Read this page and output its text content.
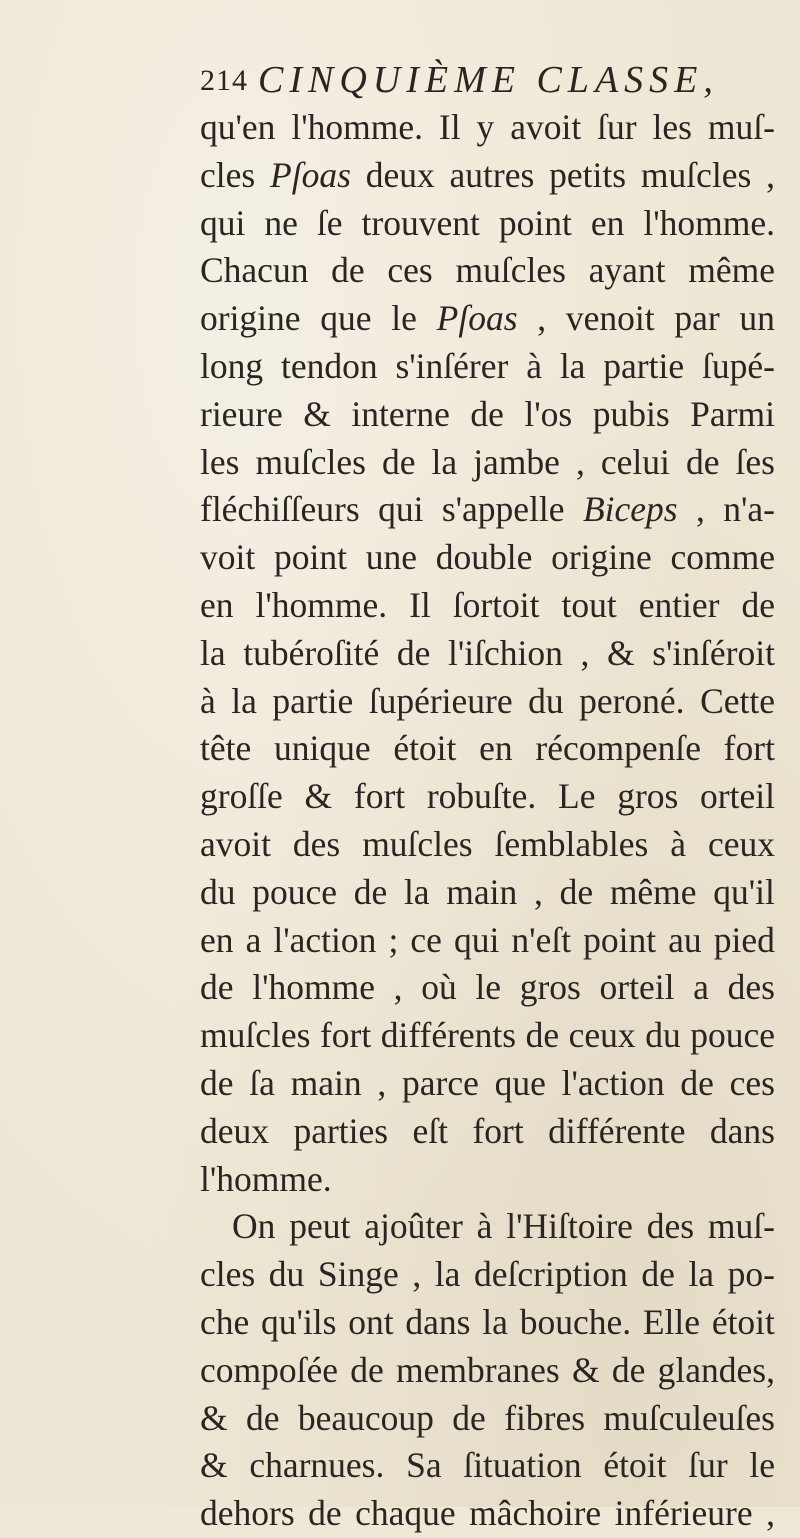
214 CINQUIÈME CLASSE,
qu'en l'homme. Il y avoit ſur les muſ-
cles Pſoas deux autres petits muſcles ,
qui ne ſe trouvent point en l'homme.
Chacun de ces muſcles ayant même
origine que le Pſoas , venoit par un
long tendon s'inſérer à la partie ſupé-
rieure & interne de l'os pubis Parmi
les muſcles de la jambe , celui de ſes
fléchiſſeurs qui s'appelle Biceps , n'a-
voit point une double origine comme
en l'homme. Il ſortoit tout entier de
la tubéroſité de l'iſchion , & s'inſéroit
à la partie ſupérieure du peroné. Cette
tête unique étoit en récompenſe fort
groſſe & fort robuſte. Le gros orteil
avoit des muſcles ſemblables à ceux
du pouce de la main , de même qu'il
en a l'action ; ce qui n'eſt point au pied
de l'homme , où le gros orteil a des
muſcles fort différents de ceux du pouce
de ſa main , parce que l'action de ces
deux parties eſt fort différente dans
l'homme.
On peut ajoûter à l'Hiſtoire des muſ-
cles du Singe , la deſcription de la po-
che qu'ils ont dans la bouche. Elle étoit
compoſée de membranes & de glandes,
& de beaucoup de fibres muſculeuſes
& charnues. Sa ſituation étoit ſur le
dehors de chaque mâchoire inférieure ,
